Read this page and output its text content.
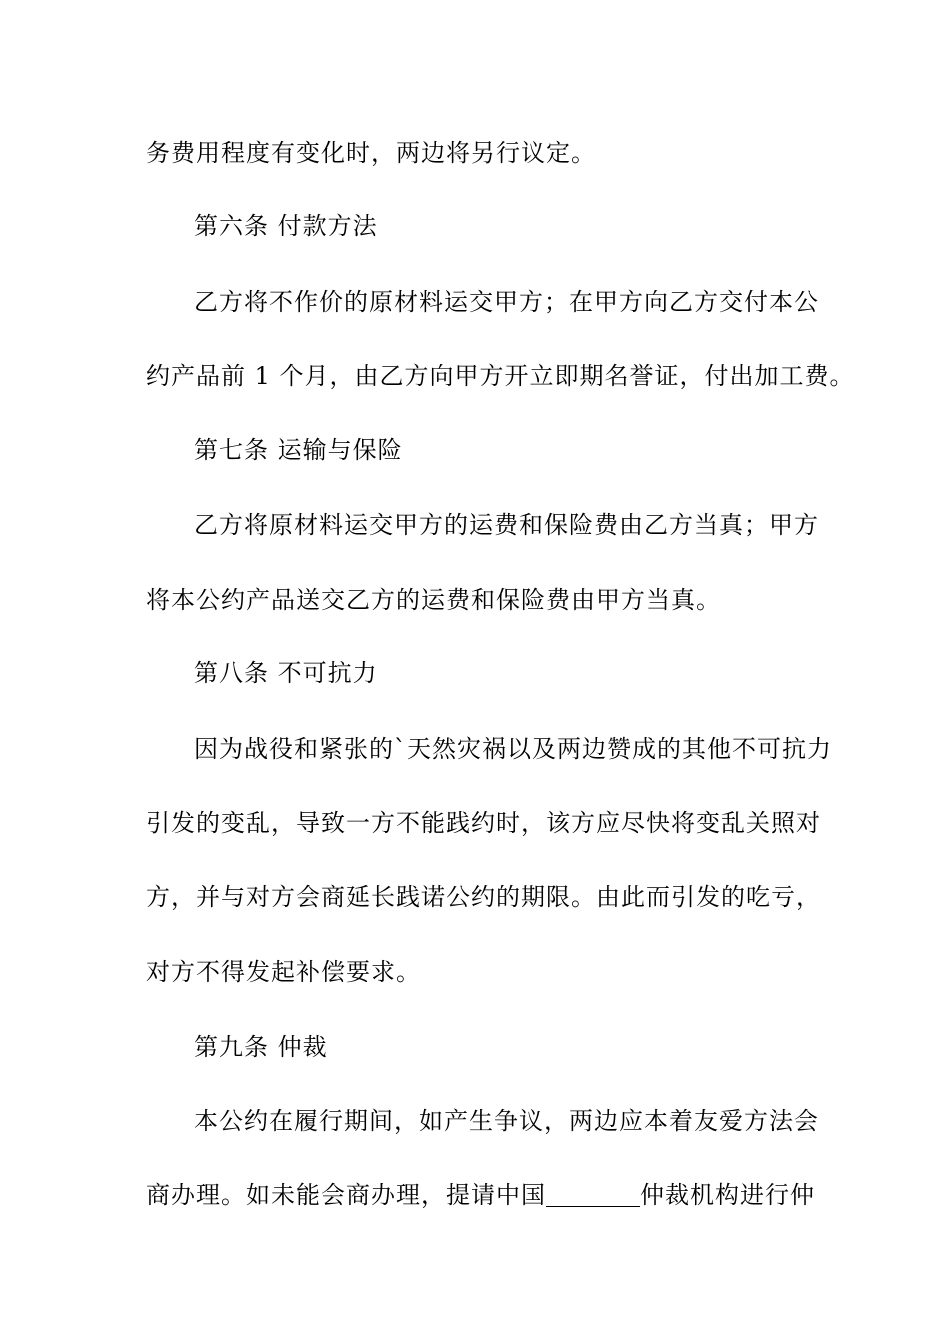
务费用程度有变化时，两边将另行议定。
第六条 付款方法
乙方将不作价的原材料运交甲方；在甲方向乙方交付本公
约产品前 1 个月，由乙方向甲方开立即期名誉证，付出加工费。
第七条 运输与保险
乙方将原材料运交甲方的运费和保险费由乙方当真；甲方
将本公约产品送交乙方的运费和保险费由甲方当真。
第八条 不可抗力
因为战役和紧张的`天然灾祸以及两边赞成的其他不可抗力
引发的变乱，导致一方不能践约时，该方应尽快将变乱关照对
方，并与对方会商延长践诺公约的期限。由此而引发的吃亏，
对方不得发起补偿要求。
第九条 仲裁
本公约在履行期间，如产生争议，两边应本着友爱方法会
商办理。如未能会商办理，提请中国	仲裁机构进行仲
